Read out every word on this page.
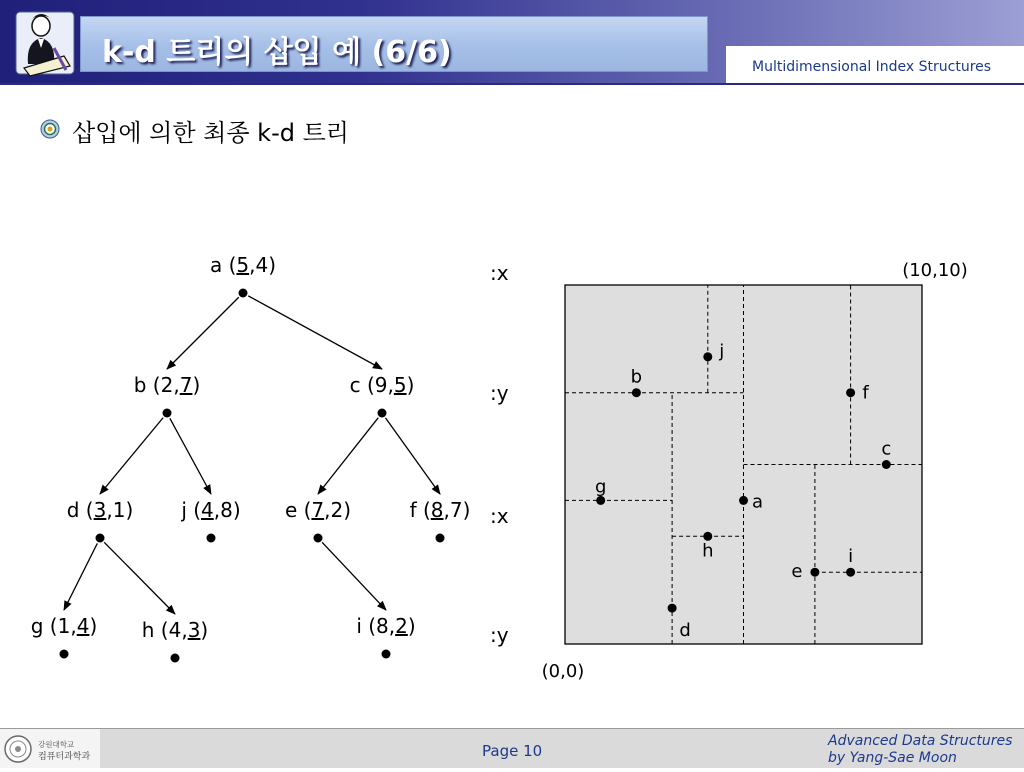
k-d 트리의 삽입 예 (6/6)	Multidimensional Index Structures
삽입에 의한 최종 k-d 트리
a (5,4)
b (2,7)	c (9,5)
d (3,1) j (4,8) e (7,2)	f (8,7)
g (1,4) h (4,3)	i (8,2)
:x
:y
:x
:y
a
b
c
d
j
e
f
g
h	i
(10,10)
(0,0)
강원대학교
컴퓨터과학과	Page 10
Advanced Data Structures
by Yang-Sae Moon
